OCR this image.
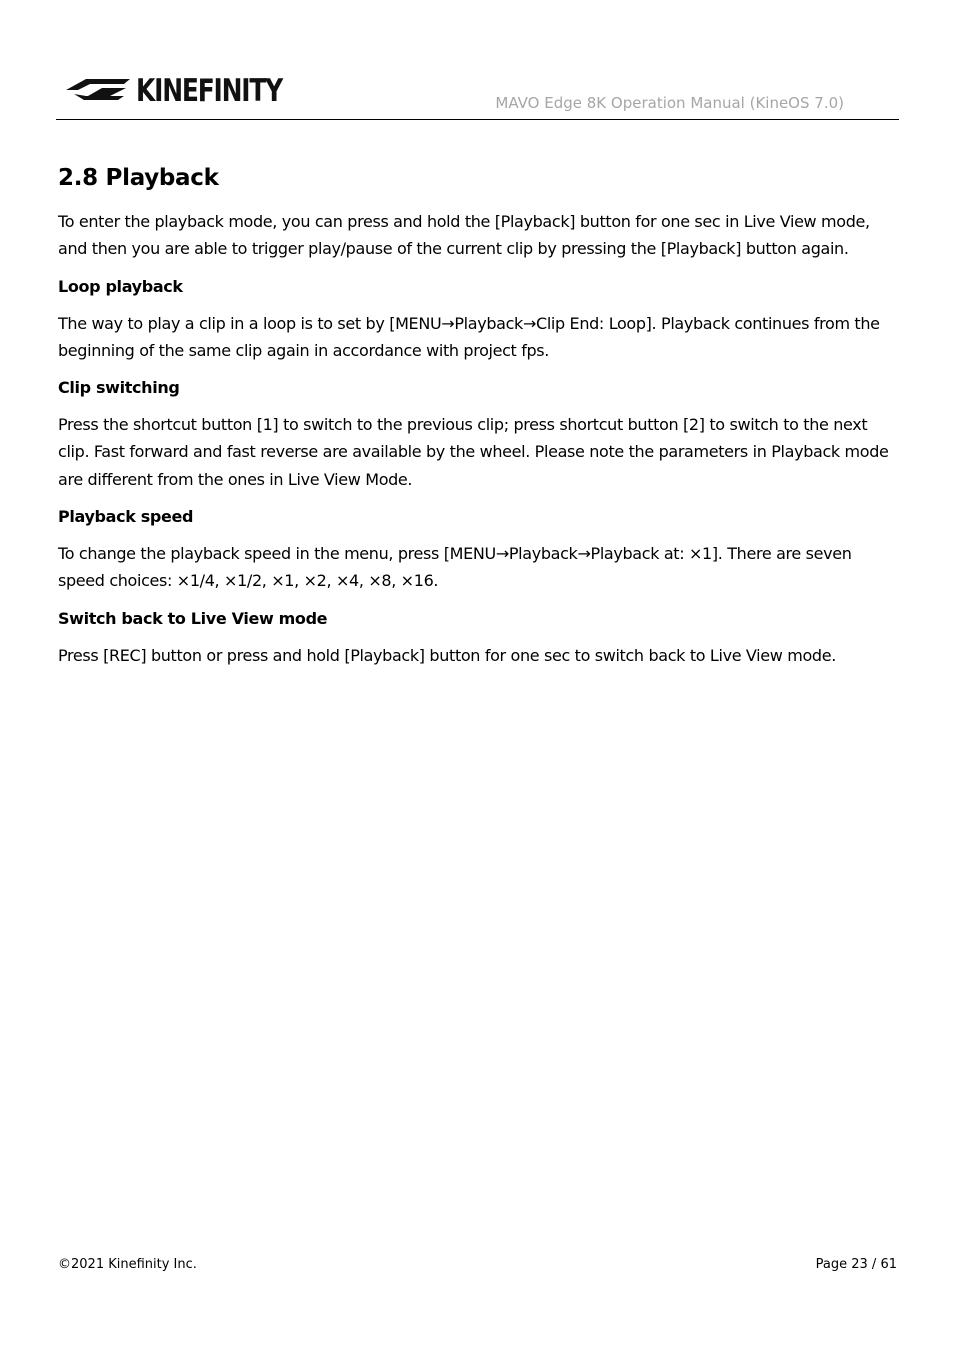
KINEFINITY	MAVO Edge 8K Operation Manual (KineOS 7.0)
2.8 Playback

To enter the playback mode, you can press and hold the [Playback] button for one sec in Live View mode, and then you are able to trigger play/pause of the current clip by pressing the [Playback] button again.

Loop playback

The way to play a clip in a loop is to set by [MENU→Playback→Clip End: Loop]. Playback continues from the beginning of the same clip again in accordance with project fps.

Clip switching

Press the shortcut button [1] to switch to the previous clip; press shortcut button [2] to switch to the next clip. Fast forward and fast reverse are available by the wheel. Please note the parameters in Playback mode are different from the ones in Live View Mode.

Playback speed

To change the playback speed in the menu, press [MENU→Playback→Playback at: ×1]. There are seven speed choices: ×1/4, ×1/2, ×1, ×2, ×4, ×8, ×16.

Switch back to Live View mode

Press [REC] button or press and hold [Playback] button for one sec to switch back to Live View mode.

©2021 Kinefinity Inc.	Page 23 / 61
